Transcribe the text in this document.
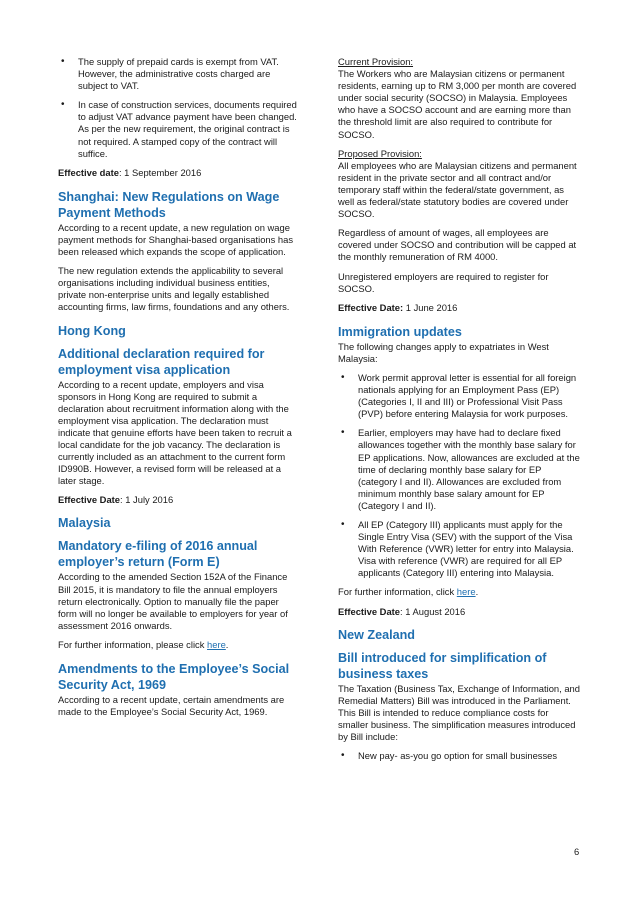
• The supply of prepaid cards is exempt from VAT. However, the administrative costs charged are subject to VAT.
• In case of construction services, documents required to adjust VAT advance payment have been changed. As per the new requirement, the original contract is not required. A stamped copy of the contract will suffice.

Effective date: 1 September 2016

Shanghai: New Regulations on Wage Payment Methods

According to a recent update, a new regulation on wage payment methods for Shanghai-based organisations has been released which expands the scope of application.

The new regulation extends the applicability to several organisations including individual business entities, private non-enterprise units and legally established accounting firms, law firms, foundations and any others.

Hong Kong
Additional declaration required for employment visa application

According to a recent update, employers and visa sponsors in Hong Kong are required to submit a declaration about recruitment information along with the employment visa application. The declaration must indicate that genuine efforts have been taken to recruit a local candidate for the job vacancy. The declaration is currently included as an attachment to the current form ID990B. However, a revised form will be released at a later stage.

Effective Date: 1 July 2016

Malaysia
Mandatory e-filing of 2016 annual employer’s return (Form E)

According to the amended Section 152A of the Finance Bill 2015, it is mandatory to file the annual employers return electronically. Option to manually file the paper form will no longer be available to employers for year of assessment 2016 onwards.

For further information, please click here.

Amendments to the Employee’s Social Security Act, 1969

According to a recent update, certain amendments are made to the Employee’s Social Security Act, 1969.

Current Provision:

The Workers who are Malaysian citizens or permanent residents, earning up to RM 3,000 per month are covered under social security (SOCSO) in Malaysia. Employees who have a SOCSO account and are earning more than the threshold limit are also required to contribute for SOCSO.

Proposed Provision:

All employees who are Malaysian citizens and permanent resident in the private sector and all contract and/or temporary staff within the federal/state government, as well as federal/state statutory bodies are covered under SOCSO.

Regardless of amount of wages, all employees are covered under SOCSO and contribution will be capped at the monthly remuneration of RM 4000.

Unregistered employers are required to register for SOCSO.

Effective Date: 1 June 2016

Immigration updates

The following changes apply to expatriates in West Malaysia:

• Work permit approval letter is essential for all foreign nationals applying for an Employment Pass (EP) (Categories I, II and III) or Professional Visit Pass (PVP) before entering Malaysia for work purposes.
• Earlier, employers may have had to declare fixed allowances together with the monthly base salary for EP applications. Now, allowances are excluded at the time of declaring monthly base salary for EP (category I and II). Allowances are excluded from minimum monthly base salary amount for EP (Category I and II).
• All EP (Category III) applicants must apply for the Single Entry Visa (SEV) with the support of the Visa With Reference (VWR) letter for entry into Malaysia. Visa with reference (VWR) are required for all EP applicants (Category III) entering into Malaysia.

For further information, click here.

Effective Date: 1 August 2016

New Zealand
Bill introduced for simplification of business taxes

The Taxation (Business Tax, Exchange of Information, and Remedial Matters) Bill was introduced in the Parliament. This Bill is intended to reduce compliance costs for smaller business. The simplification measures introduced by Bill include:

• New pay- as-you go option for small businesses
6
